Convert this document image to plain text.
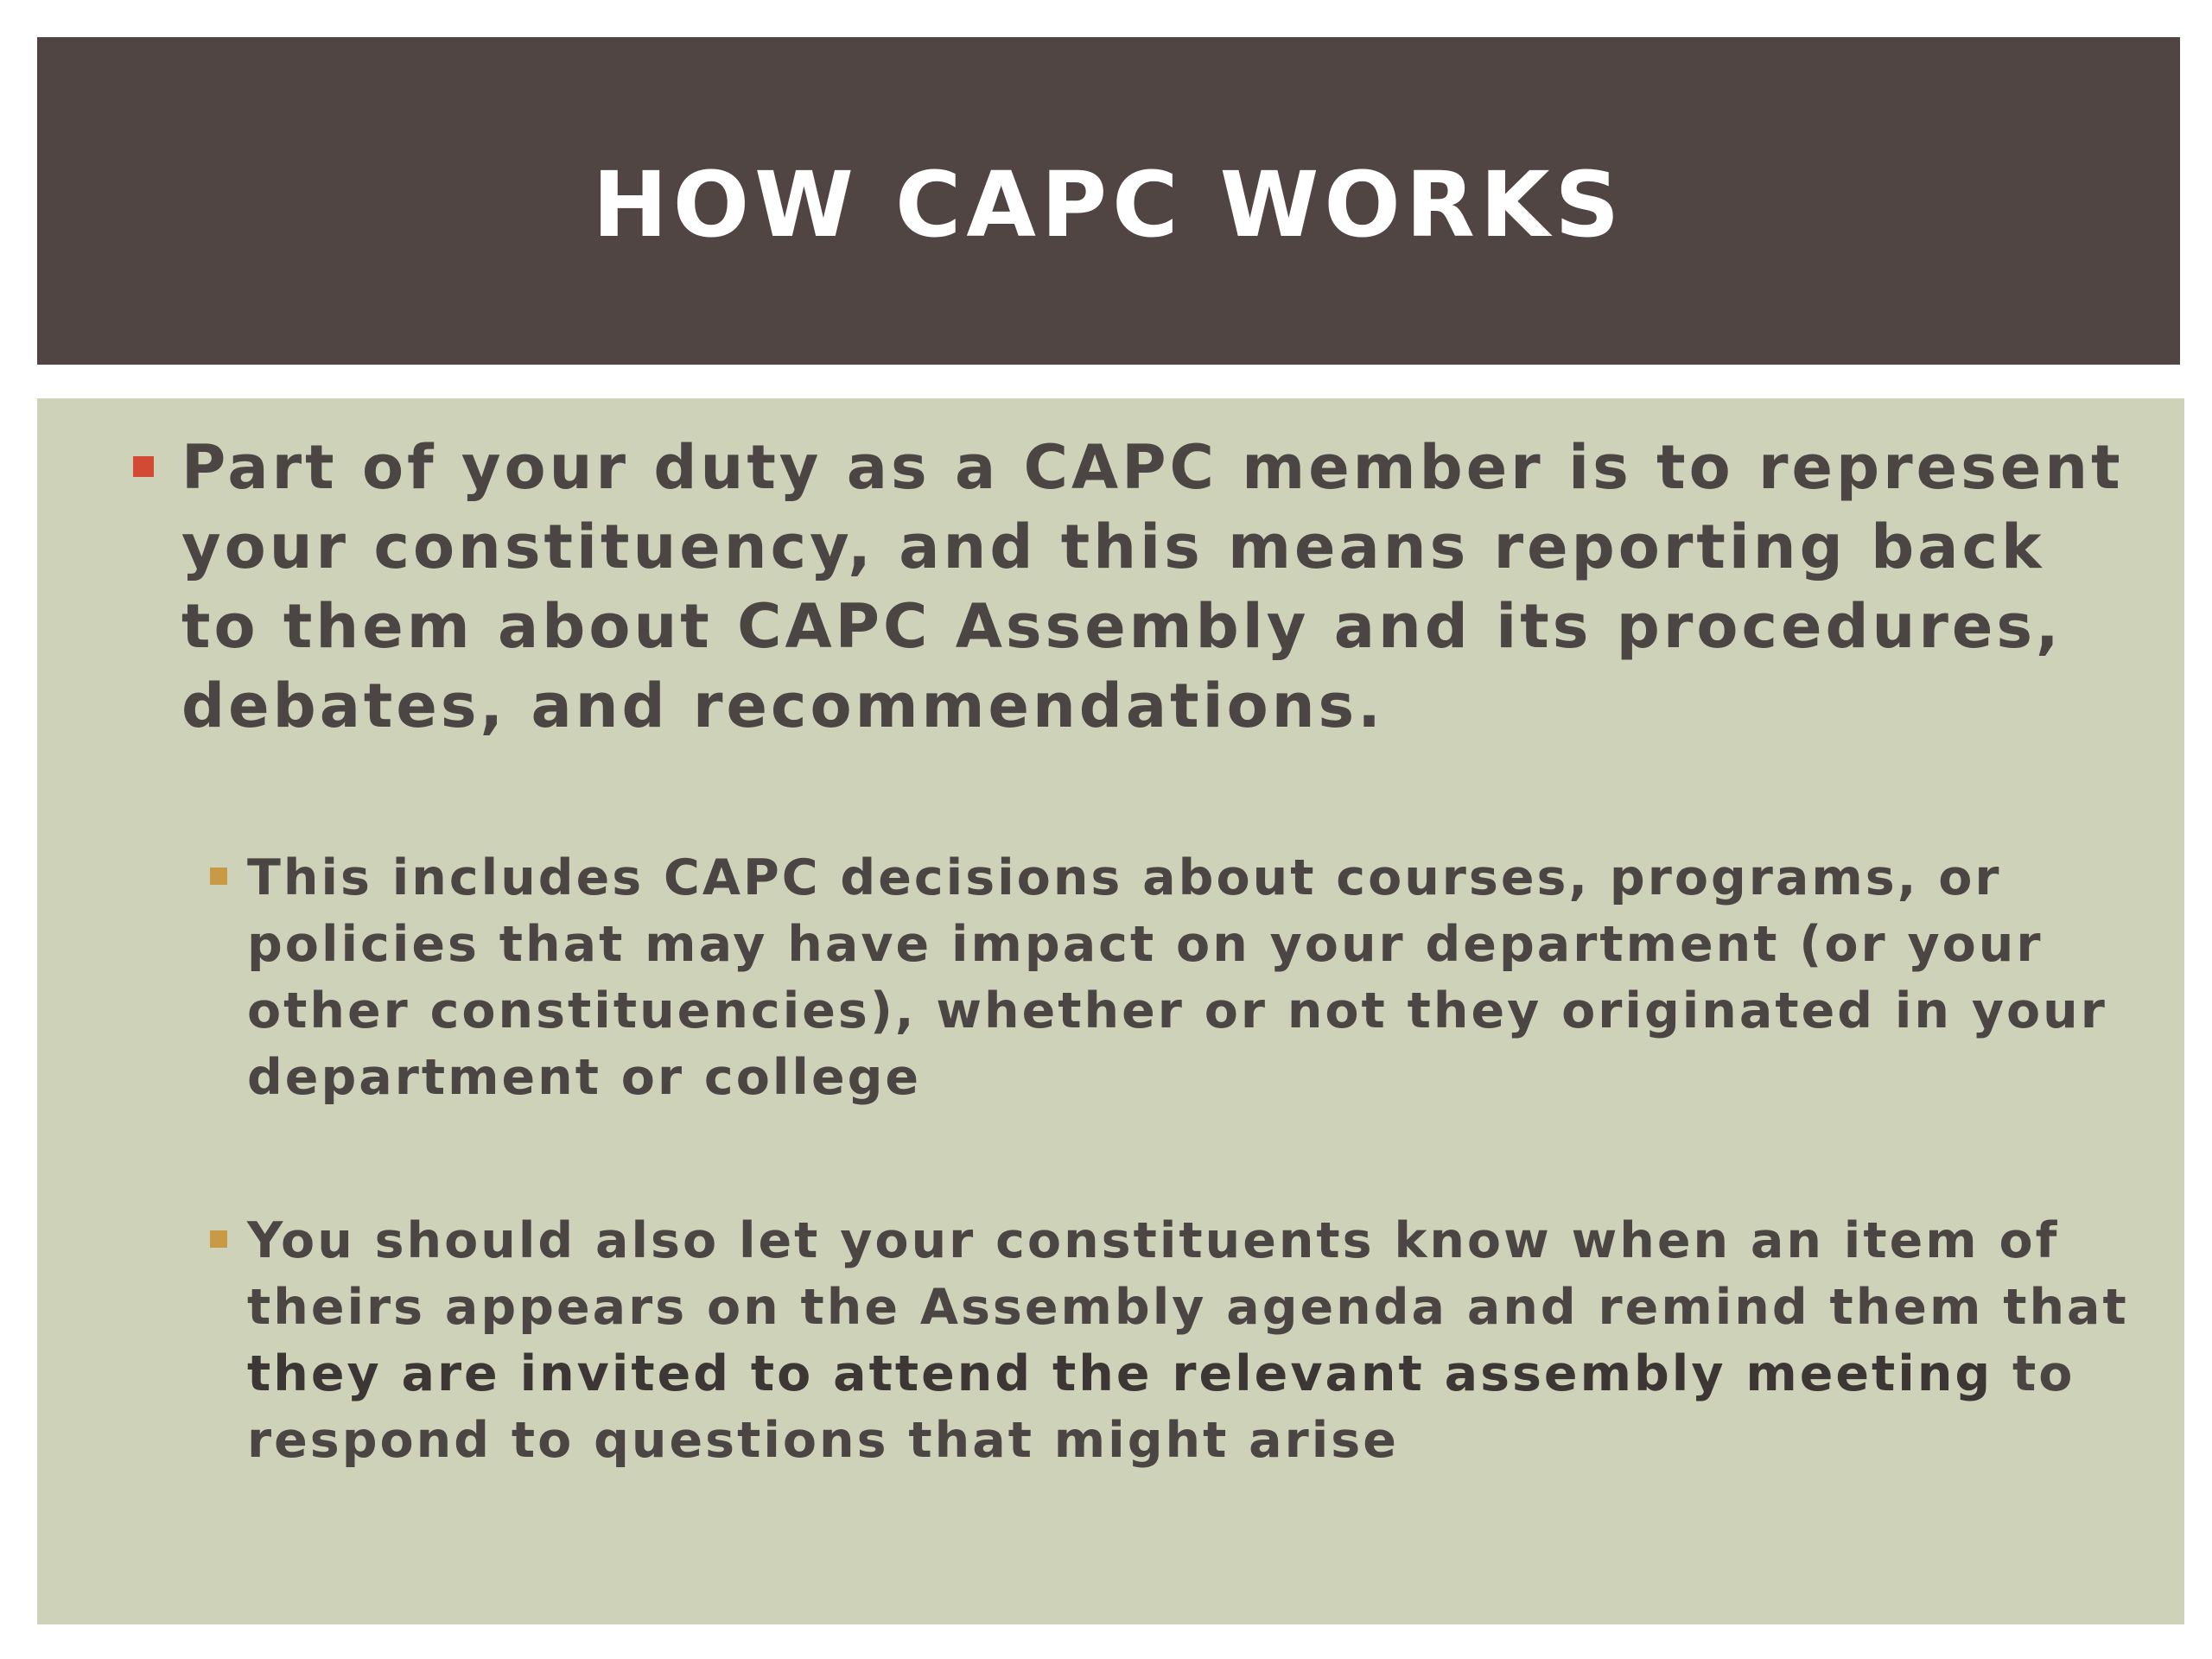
HOW CAPC WORKS
Part of your duty as a CAPC member is to represent your constituency, and this means reporting back to them about CAPC Assembly and its procedures, debates, and recommendations.
This includes CAPC decisions about courses, programs, or policies that may have impact on your department (or your other constituencies), whether or not they originated in your department or college
You should also let your constituents know when an item of theirs appears on the Assembly agenda and remind them that they are invited to attend the relevant assembly meeting to respond to questions that might arise
